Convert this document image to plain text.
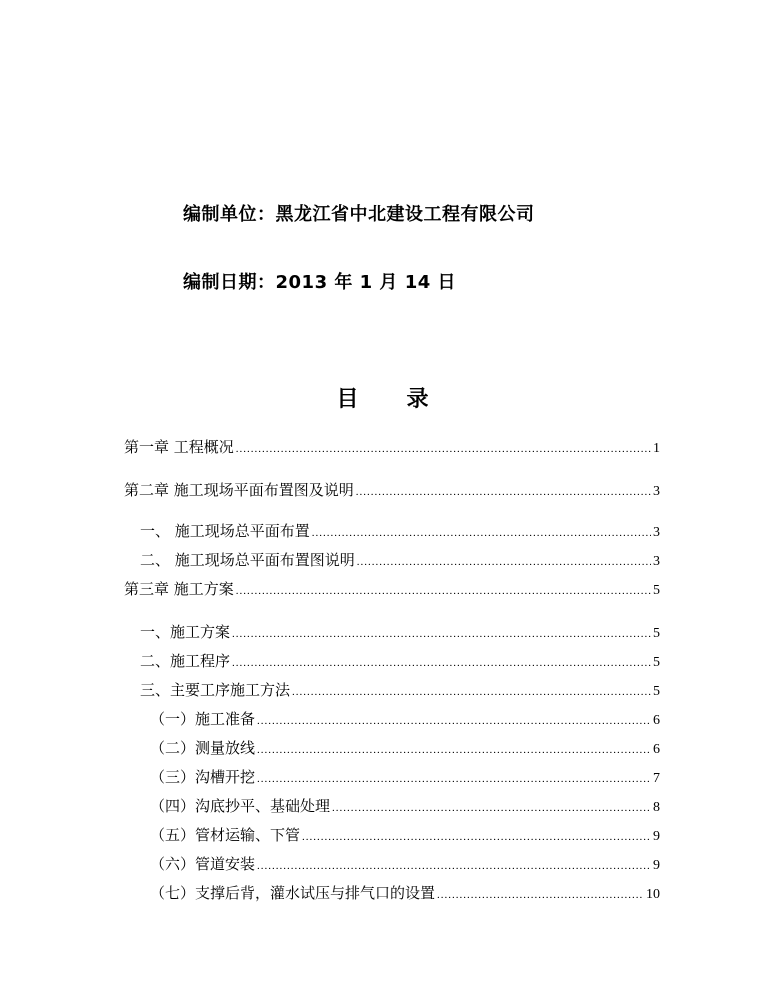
编制单位：黑龙江省中北建设工程有限公司
编制日期：2013 年 1 月 14 日
目录
第一章 工程概况 .....	1
第二章 施工现场平面布置图及说明 .....	3
一、 施工现场总平面布置 .....	3
二、 施工现场总平面布置图说明 .....	3
第三章 施工方案 .....	5
一、施工方案 .....	5
二、施工程序 .....	5
三、主要工序施工方法 .....	5
（一）施工准备 .....	6
（二）测量放线 .....	6
（三）沟槽开挖 .....	7
（四）沟底抄平、基础处理 .....	8
（五）管材运输、下管 .....	9
（六）管道安装 .....	9
（七）支撑后背，灌水试压与排气口的设置 .....	10
